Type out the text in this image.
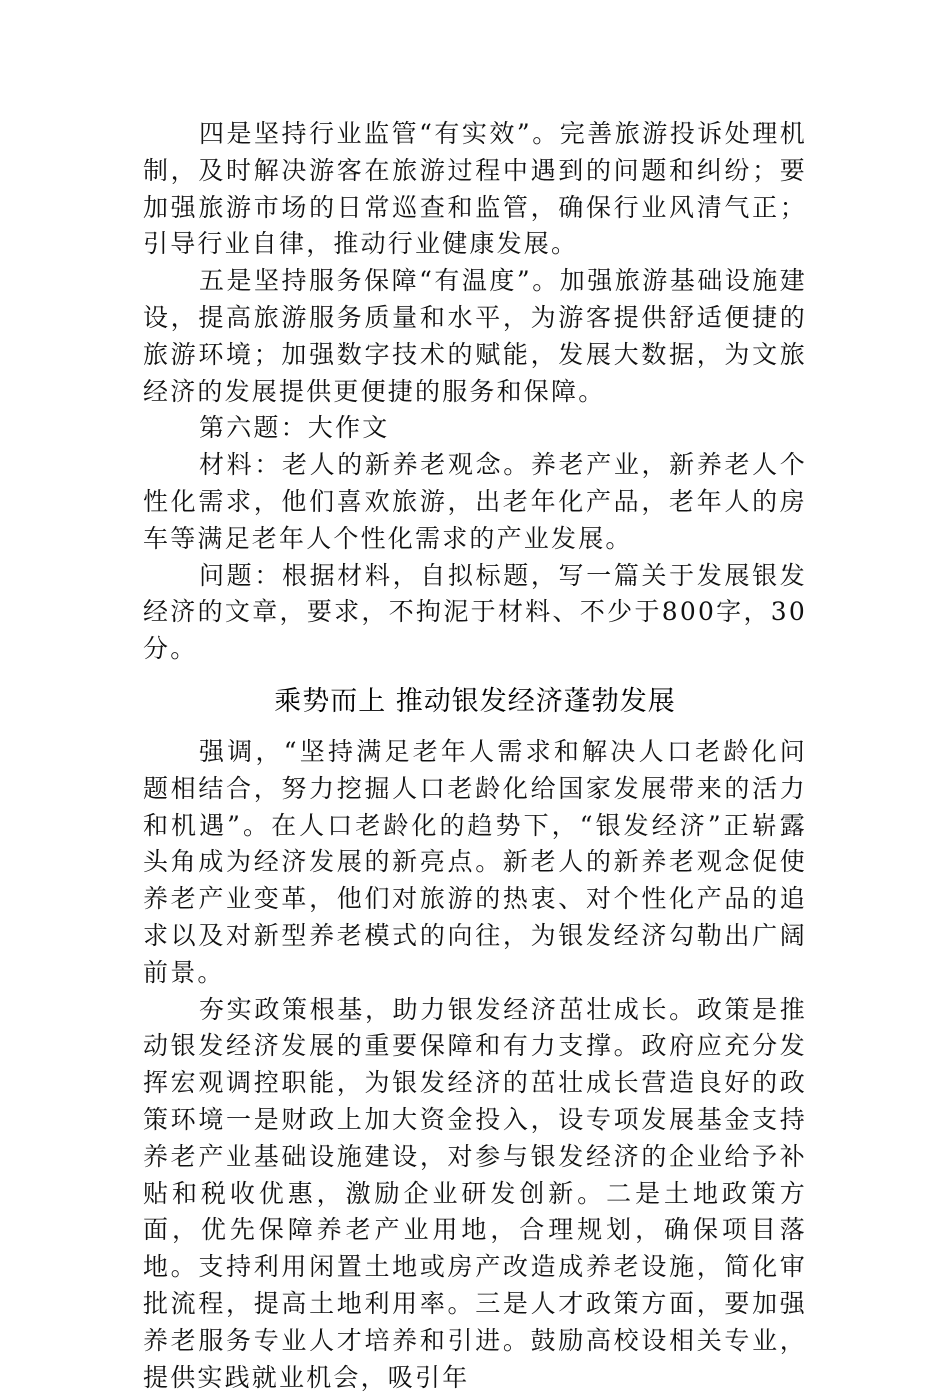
四是坚持行业监管“有实效”。完善旅游投诉处理机制，及时解决游客在旅游过程中遇到的问题和纠纷；要加强旅游市场的日常巡查和监管，确保行业风清气正；引导行业自律，推动行业健康发展。

五是坚持服务保障“有温度”。加强旅游基础设施建设，提高旅游服务质量和水平，为游客提供舒适便捷的旅游环境；加强数字技术的赋能，发展大数据，为文旅经济的发展提供更便捷的服务和保障。

第六题：大作文

材料：老人的新养老观念。养老产业，新养老人个性化需求，他们喜欢旅游，出老年化产品，老年人的房车等满足老年人个性化需求的产业发展。

问题：根据材料，自拟标题，写一篇关于发展银发经济的文章，要求，不拘泥于材料、不少于800字，30分。

乘势而上 推动银发经济蓬勃发展

强调，“坚持满足老年人需求和解决人口老龄化问题相结合，努力挖掘人口老龄化给国家发展带来的活力和机遇”。在人口老龄化的趋势下，“银发经济”正崭露头角成为经济发展的新亮点。新老人的新养老观念促使养老产业变革，他们对旅游的热衷、对个性化产品的追求以及对新型养老模式的向往，为银发经济勾勒出广阔前景。

夯实政策根基，助力银发经济茁壮成长。政策是推动银发经济发展的重要保障和有力支撑。政府应充分发挥宏观调控职能，为银发经济的茁壮成长营造良好的政策环境一是财政上加大资金投入，设专项发展基金支持养老产业基础设施建设，对参与银发经济的企业给予补贴和税收优惠，激励企业研发创新。二是土地政策方面，优先保障养老产业用地，合理规划，确保项目落地。支持利用闲置土地或房产改造成养老设施，简化审批流程，提高土地利用率。三是人才政策方面，要加强养老服务专业人才培养和引进。鼓励高校设相关专业，提供实践就业机会，吸引年
